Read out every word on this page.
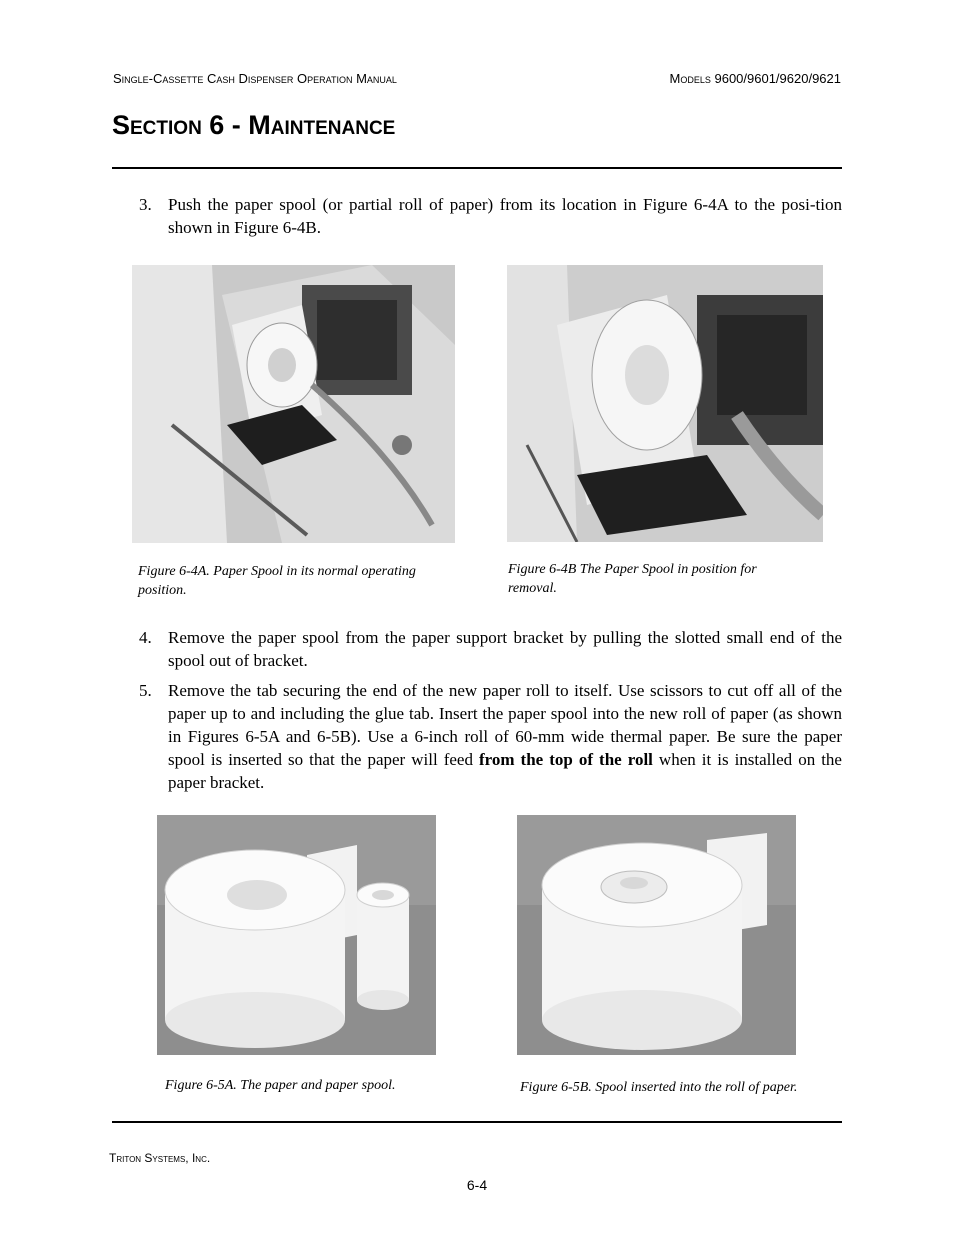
Single-Cassette Cash Dispenser Operation Manual	Models 9600/9601/9620/9621
Section 6 - Maintenance
3. Push the paper spool (or partial roll of paper) from its location in Figure 6-4A to the posi-tion shown in Figure 6-4B.
Figure 6-4A. Paper Spool in its normal operating position.
Figure 6-4B The Paper Spool in position for removal.
4. Remove the paper spool from the paper support bracket by pulling the slotted small end of the spool out of bracket.
5. Remove the tab securing the end of the new paper roll to itself. Use scissors to cut off all of the paper up to and including the glue tab. Insert the paper spool into the new roll of paper (as shown in Figures 6-5A and 6-5B). Use a 6-inch roll of 60-mm wide thermal paper. Be sure the paper spool is inserted so that the paper will feed from the top of the roll when it is installed on the paper bracket.
Figure 6-5A. The paper and paper spool.	Figure 6-5B. Spool inserted into the roll of paper.
Triton Systems, Inc.
6-4
